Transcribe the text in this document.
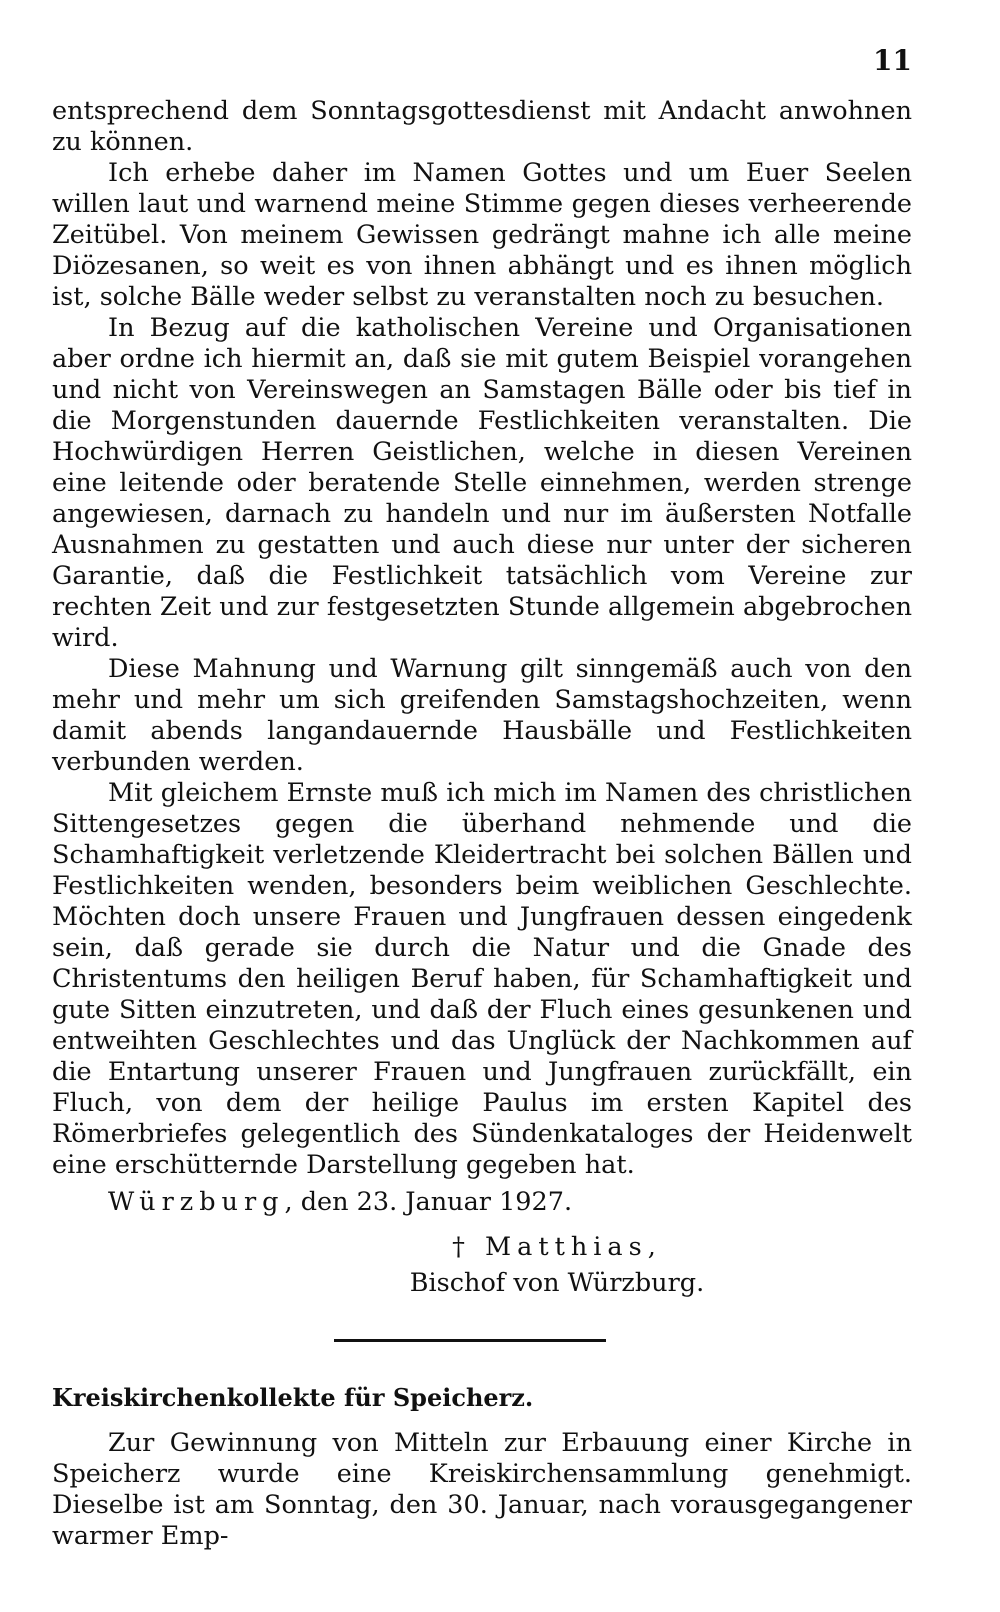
11

entsprechend dem Sonntagsgottesdienst mit Andacht anwohnen zu können.

Ich erhebe daher im Namen Gottes und um Euer Seelen willen laut und warnend meine Stimme gegen dieses verheerende Zeitübel. Von meinem Gewissen gedrängt mahne ich alle meine Diözesanen, so weit es von ihnen abhängt und es ihnen möglich ist, solche Bälle weder selbst zu veranstalten noch zu besuchen.

In Bezug auf die katholischen Vereine und Organisationen aber ordne ich hiermit an, daß sie mit gutem Beispiel vorangehen und nicht von Vereinswegen an Samstagen Bälle oder bis tief in die Morgenstunden dauernde Festlichkeiten veranstalten. Die Hochwürdigen Herren Geistlichen, welche in diesen Vereinen eine leitende oder beratende Stelle einnehmen, werden strenge angewiesen, darnach zu handeln und nur im äußersten Notfalle Ausnahmen zu gestatten und auch diese nur unter der sicheren Garantie, daß die Festlichkeit tatsächlich vom Vereine zur rechten Zeit und zur festgesetzten Stunde allgemein abgebrochen wird.

Diese Mahnung und Warnung gilt sinngemäß auch von den mehr und mehr um sich greifenden Samstagshochzeiten, wenn damit abends langandauernde Hausbälle und Festlichkeiten verbunden werden.

Mit gleichem Ernste muß ich mich im Namen des christlichen Sittengesetzes gegen die überhand nehmende und die Schamhaftigkeit verletzende Kleidertracht bei solchen Bällen und Festlichkeiten wenden, besonders beim weiblichen Geschlechte. Möchten doch unsere Frauen und Jungfrauen dessen eingedenk sein, daß gerade sie durch die Natur und die Gnade des Christentums den heiligen Beruf haben, für Schamhaftigkeit und gute Sitten einzutreten, und daß der Fluch eines gesunkenen und entweihten Geschlechtes und das Unglück der Nachkommen auf die Entartung unserer Frauen und Jungfrauen zurückfällt, ein Fluch, von dem der heilige Paulus im ersten Kapitel des Römerbriefes gelegentlich des Sündenkataloges der Heidenwelt eine erschütternde Darstellung gegeben hat.

Würzburg, den 23. Januar 1927.

† Matthias,
Bischof von Würzburg.
Kreiskirchenkollekte für Speicherz.

Zur Gewinnung von Mitteln zur Erbauung einer Kirche in Speicherz wurde eine Kreiskirchensammlung genehmigt. Dieselbe ist am Sonntag, den 30. Januar, nach vorausgegangener warmer Emp-
